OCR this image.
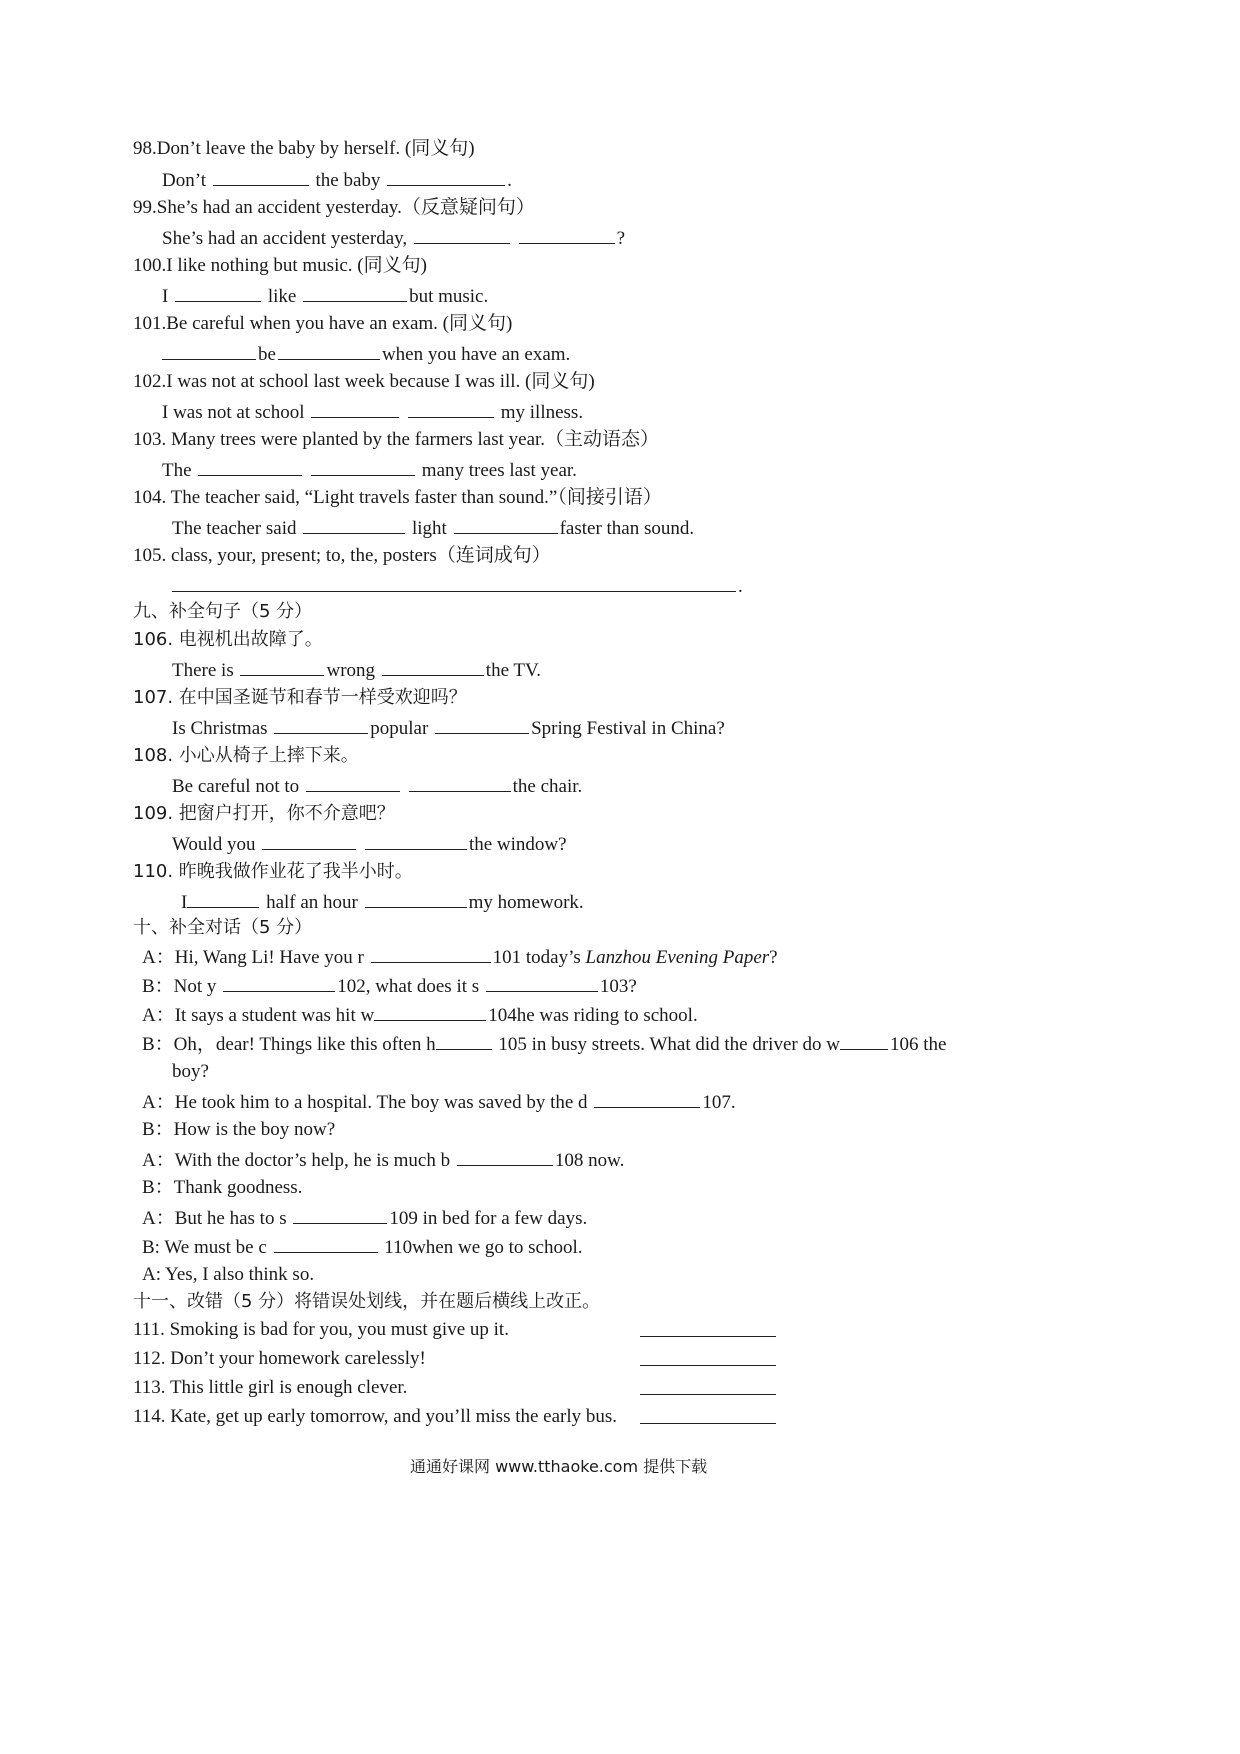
98.Don’t leave the baby by herself. (同义句)
Don’t	the baby	.
99.She’s had an accident yesterday.（反意疑问句）
She’s had an accident yesterday,	?
100.I like nothing but music. (同义句)
I	like	but music.
101.Be careful when you have an exam. (同义句)
be	when you have an exam.
102.I was not at school last week because I was ill. (同义句)
I was not at school	my illness.
103. Many trees were planted by the farmers last year.（主动语态）
The	many trees last year.
104. The teacher said, “Light travels faster than sound.”（间接引语）
The teacher said	light	faster than sound.
105. class, your, present; to, the, posters（连词成句）
.
九、补全句子（5 分）
106. 电视机出故障了。
There is	wrong	the TV.
107. 在中国圣诞节和春节一样受欢迎吗？
Is Christmas	popular	Spring Festival in China?
108. 小心从椅子上摔下来。
Be careful not to	the chair.
109. 把窗户打开，你不介意吧？
Would you	the window?
110. 昨晚我做作业花了我半小时。
I	half an hour	my homework.
十、补全对话（5 分）
A：Hi, Wang Li! Have you r	101 today’s Lanzhou Evening Paper?
B：Not y	102, what does it s	103?
A：It says a student was hit w	104he was riding to school.
B：Oh，dear! Things like this often h	105 in busy streets. What did the driver do w	106 the
boy?
A：He took him to a hospital. The boy was saved by the d	107.
B：How is the boy now?
A：With the doctor’s help, he is much b	108 now.
B：Thank goodness.
A：But he has to s	109 in bed for a few days.
B: We must be c	110when we go to school.
A: Yes, I also think so.
十一、改错（5 分）将错误处划线，并在题后横线上改正。
111. Smoking is bad for you, you must give up it.
112. Don’t your homework carelessly!
113. This little girl is enough clever.
114. Kate, get up early tomorrow, and you’ll miss the early bus.
通通好课网 www.tthaoke.com 提供下载
